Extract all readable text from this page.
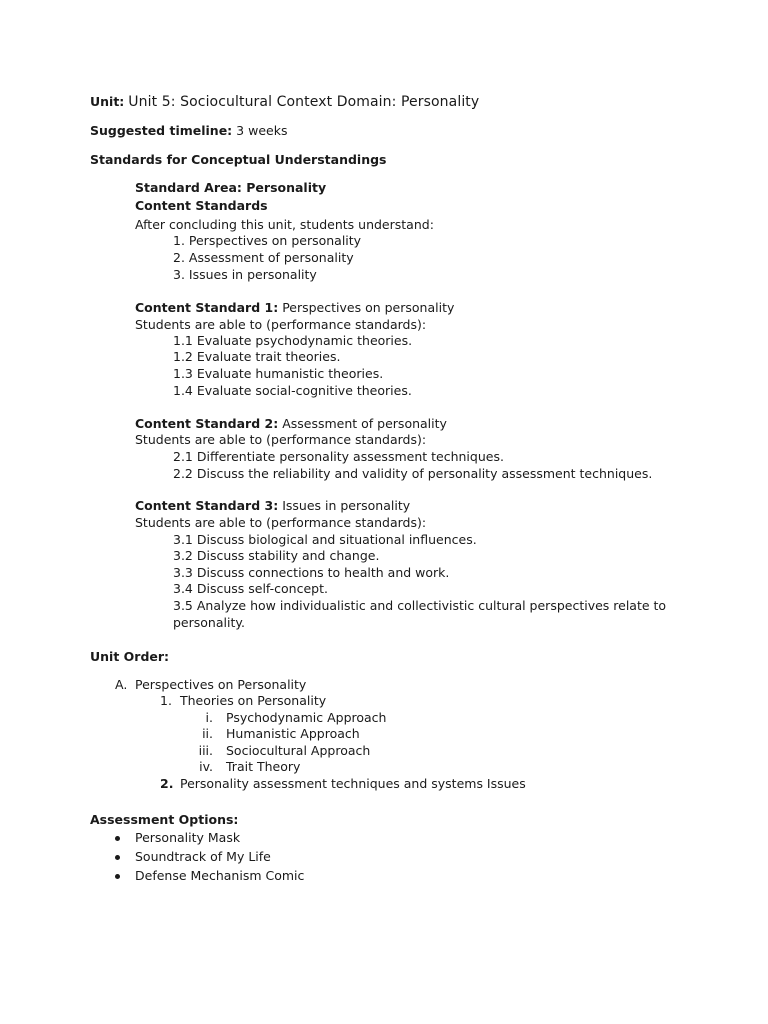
Unit: Unit 5: Sociocultural Context Domain: Personality
Suggested timeline: 3 weeks
Standards for Conceptual Understandings
Standard Area: Personality
Content Standards
After concluding this unit, students understand:
1. Perspectives on personality
2. Assessment of personality
3. Issues in personality
Content Standard 1: Perspectives on personality
Students are able to (performance standards):
1.1 Evaluate psychodynamic theories.
1.2 Evaluate trait theories.
1.3 Evaluate humanistic theories.
1.4 Evaluate social-cognitive theories.
Content Standard 2: Assessment of personality
Students are able to (performance standards):
2.1 Differentiate personality assessment techniques.
2.2 Discuss the reliability and validity of personality assessment techniques.
Content Standard 3: Issues in personality
Students are able to (performance standards):
3.1 Discuss biological and situational influences.
3.2 Discuss stability and change.
3.3 Discuss connections to health and work.
3.4 Discuss self-concept.
3.5 Analyze how individualistic and collectivistic cultural perspectives relate to
personality.
Unit Order:
A. Perspectives on Personality
1. Theories on Personality
i. Psychodynamic Approach
ii. Humanistic Approach
iii. Sociocultural Approach
iv. Trait Theory
2. Personality assessment techniques and systems Issues
Assessment Options:
Personality Mask
Soundtrack of My Life
Defense Mechanism Comic
